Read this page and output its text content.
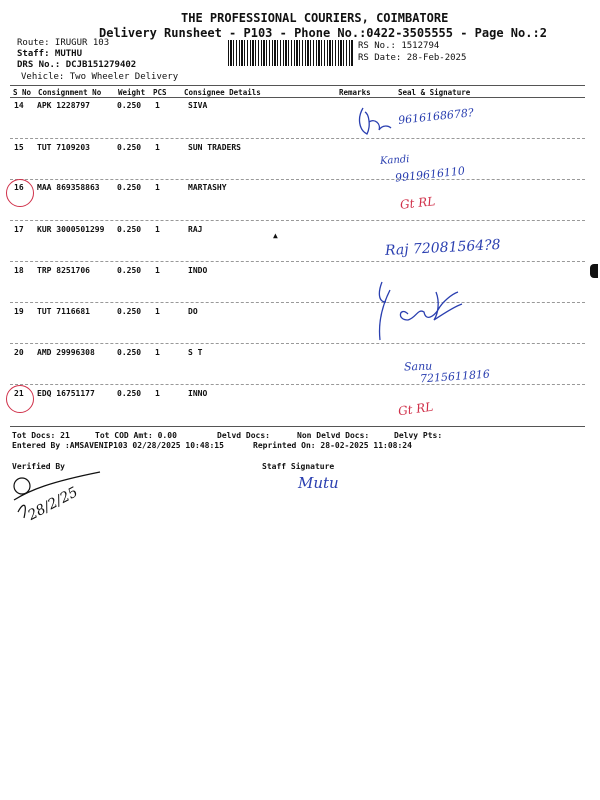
THE PROFESSIONAL COURIERS, COIMBATORE
Delivery Runsheet - P103 - Phone No.:0422-3505555 - Page No.:2
Route: IRUGUR 103
Staff: MUTHU
DRS No.: DCJB151279402
Vehicle: Two Wheeler Delivery
RS No.: 1512794
RS Date: 28-Feb-2025
S No Consignment No Weight PCS Consignee Details	Remarks	Seal & Signature
14 APK 1228797	0.250 1	SIVA
15 TUT 7109203	0.250 1	SUN TRADERS
16 MAA 869358863 0.250 1	MARTASHY
17 KUR 3000501299 0.250 1	RAJ
18 TRP 8251706	0.250 1	INDO
19 TUT 7116681	0.250 1	DO
20 AMD 29996308	0.250 1	S T
21 EDQ 16751177	0.250 1	INNO
▲
9616168678?
Kandi
9919616110
Gt RL
Raj 72081564?8
Sanu
7215611816
Gt RL
Tot Docs: 21	Tot COD Amt: 0.00	Delvd Docs:	Non Delvd Docs:	Delvy Pts:
Entered By :AMSAVENIP103 02/28/2025 10:48:15	Reprinted On: 28-02-2025 11:08:24
Verified By	Staff Signature
28/2/25
Mutu
